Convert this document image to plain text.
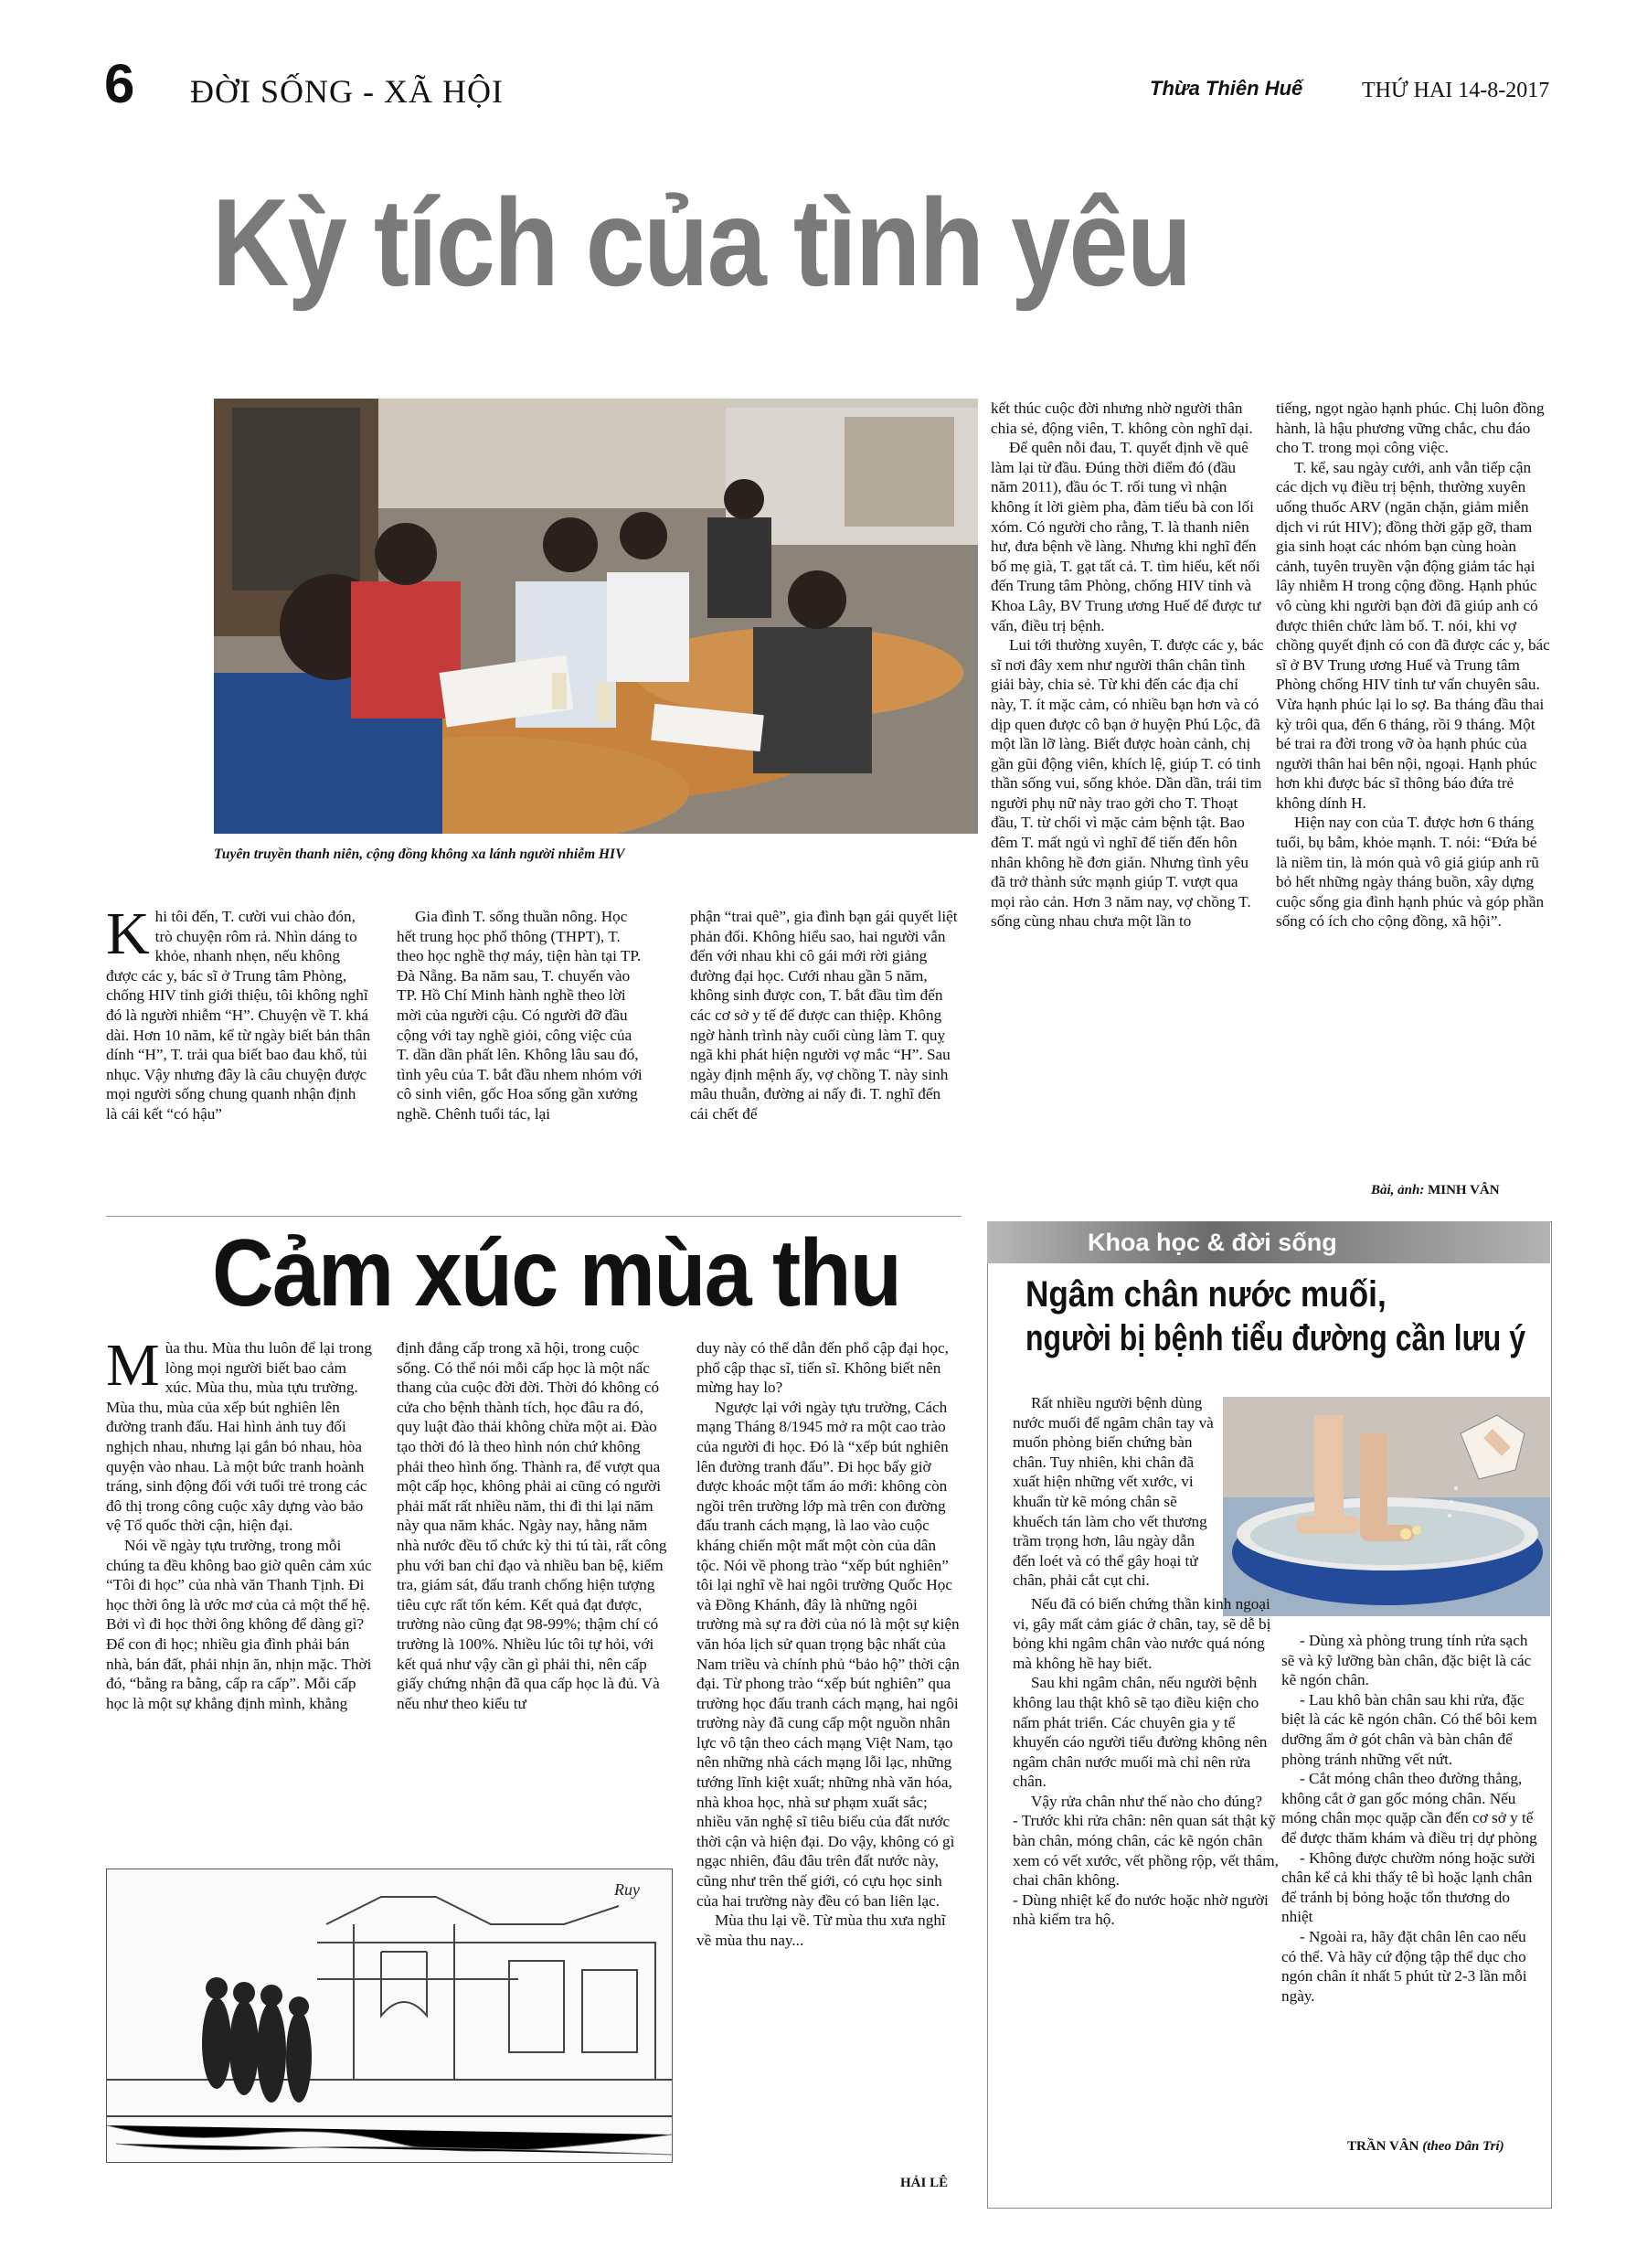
6 ĐỜI SỐNG - XÃ HỘI	Thừa Thiên Huế	THỨ HAI 14-8-2017
Kỳ tích của tình yêu
Tuyên truyền thanh niên, cộng đồng không xa lánh người nhiễm HIV

Khi tôi đến, T. cười vui chào đón, trò chuyện rôm rả. Nhìn dáng to khỏe, nhanh nhẹn, nếu không được các y, bác sĩ ở Trung tâm Phòng, chống HIV tỉnh giới thiệu, tôi không nghĩ đó là người nhiễm “H”. Chuyện về T. khá dài. Hơn 10 năm, kể từ ngày biết bản thân dính “H”, T. trải qua biết bao đau khổ, tủi nhục. Vậy nhưng đây là câu chuyện được mọi người sống chung quanh nhận định là cái kết “có hậu”

Gia đình T. sống thuần nông. Học hết trung học phổ thông (THPT), T. theo học nghề thợ máy, tiện hàn tại TP. Đà Nẵng. Ba năm sau, T. chuyển vào TP. Hồ Chí Minh hành nghề theo lời mời của người cậu. Có người đỡ đầu cộng với tay nghề giỏi, công việc của T. dần dần phất lên. Không lâu sau đó, tình yêu của T. bắt đầu nhem nhóm với cô sinh viên, gốc Hoa sống gần xưởng nghề. Chênh tuổi tác, lại

phận “trai quê”, gia đình bạn gái quyết liệt phản đối. Không hiểu sao, hai người vẫn đến với nhau khi cô gái mới rời giảng đường đại học. Cưới nhau gần 5 năm, không sinh được con, T. bắt đầu tìm đến các cơ sở y tế để được can thiệp. Không ngờ hành trình này cuối cùng làm T. quỵ ngã khi phát hiện người vợ mắc “H”. Sau ngày định mệnh ấy, vợ chồng T. này sinh mâu thuẫn, đường ai nấy đi. T. nghĩ đến cái chết để

kết thúc cuộc đời nhưng nhờ người thân chia sẻ, động viên, T. không còn nghĩ dại.

Để quên nỗi đau, T. quyết định về quê làm lại từ đầu. Đúng thời điểm đó (đầu năm 2011), đầu óc T. rối tung vì nhận không ít lời gièm pha, đàm tiếu bà con lối xóm. Có người cho rằng, T. là thanh niên hư, đưa bệnh về làng. Nhưng khi nghĩ đến bố mẹ già, T. gạt tất cả. T. tìm hiểu, kết nối đến Trung tâm Phòng, chống HIV tỉnh và Khoa Lây, BV Trung ương Huế để được tư vấn, điều trị bệnh.

Lui tới thường xuyên, T. được các y, bác sĩ nơi đây xem như người thân chân tình giải bày, chia sẻ. Từ khi đến các địa chỉ này, T. ít mặc cảm, có nhiều bạn hơn và có dịp quen được cô bạn ở huyện Phú Lộc, đã một lần lỡ làng. Biết được hoàn cảnh, chị gần gũi động viên, khích lệ, giúp T. có tinh thần sống vui, sống khỏe. Dần dần, trái tim người phụ nữ này trao gởi cho T. Thoạt đầu, T. từ chối vì mặc cảm bệnh tật. Bao đêm T. mất ngủ vì nghĩ để tiến đến hôn nhân không hề đơn giản. Nhưng tình yêu đã trở thành sức mạnh giúp T. vượt qua mọi rào cản. Hơn 3 năm nay, vợ chồng T. sống cùng nhau chưa một lần to

tiếng, ngọt ngào hạnh phúc. Chị luôn đồng hành, là hậu phương vững chắc, chu đáo cho T. trong mọi công việc.

T. kể, sau ngày cưới, anh vẫn tiếp cận các dịch vụ điều trị bệnh, thường xuyên uống thuốc ARV (ngăn chặn, giảm miễn dịch vi rút HIV); đồng thời gặp gỡ, tham gia sinh hoạt các nhóm bạn cùng hoàn cảnh, tuyên truyền vận động giảm tác hại lây nhiễm H trong cộng đồng. Hạnh phúc vô cùng khi người bạn đời đã giúp anh có được thiên chức làm bố. T. nói, khi vợ chồng quyết định có con đã được các y, bác sĩ ở BV Trung ương Huế và Trung tâm Phòng chống HIV tỉnh tư vấn chuyên sâu. Vừa hạnh phúc lại lo sợ. Ba tháng đầu thai kỳ trôi qua, đến 6 tháng, rồi 9 tháng. Một bé trai ra đời trong vỡ òa hạnh phúc của người thân hai bên nội, ngoại. Hạnh phúc hơn khi được bác sĩ thông báo đứa trẻ không dính H.

Hiện nay con của T. được hơn 6 tháng tuổi, bụ bẫm, khỏe mạnh. T. nói: “Đứa bé là niềm tin, là món quà vô giá giúp anh rũ bỏ hết những ngày tháng buồn, xây dựng cuộc sống gia đình hạnh phúc và góp phần sống có ích cho cộng đồng, xã hội”.

Bài, ảnh: MINH VÂN
Cảm xúc mùa thu

Mùa thu. Mùa thu luôn để lại trong lòng mọi người biết bao cảm xúc. Mùa thu, mùa tựu trường. Mùa thu, mùa của xếp bút nghiên lên đường tranh đấu. Hai hình ảnh tuy đối nghịch nhau, nhưng lại gắn bó nhau, hòa quyện vào nhau. Là một bức tranh hoành tráng, sinh động đối với tuổi trẻ trong các đô thị trong công cuộc xây dựng vào bảo vệ Tổ quốc thời cận, hiện đại.

Nói về ngày tựu trường, trong mỗi chúng ta đều không bao giờ quên cảm xúc “Tôi đi học” của nhà văn Thanh Tịnh. Đi học thời ông là ước mơ của cả một thế hệ. Bởi vì đi học thời ông không để dàng gì? Để con đi học; nhiều gia đình phải bán nhà, bán đất, phải nhịn ăn, nhịn mặc. Thời đó, “bằng ra bằng, cấp ra cấp”. Mỗi cấp học là một sự khẳng định mình, khẳng

định đẳng cấp trong xã hội, trong cuộc sống. Có thể nói mỗi cấp học là một nấc thang của cuộc đời đời. Thời đó không có cửa cho bệnh thành tích, học đâu ra đó, quy luật đào thải không chừa một ai. Đào tạo thời đó là theo hình nón chứ không phải theo hình ống. Thành ra, để vượt qua một cấp học, không phải ai cũng có người phải mất rất nhiều năm, thi đi thi lại năm này qua năm khác. Ngày nay, hằng năm nhà nước đều tổ chức kỳ thi tú tài, rất công phu với ban chỉ đạo và nhiều ban bệ, kiểm tra, giám sát, đấu tranh chống hiện tượng tiêu cực rất tốn kém. Kết quả đạt được, trường nào cũng đạt 98-99%; thậm chí có trường là 100%. Nhiều lúc tôi tự hỏi, với kết quả như vậy cần gì phải thi, nên cấp giấy chứng nhận đã qua cấp học là đủ. Và nếu như theo kiểu tư

duy này có thể dẫn đến phổ cập đại học, phổ cập thạc sĩ, tiến sĩ. Không biết nên mừng hay lo?

Ngược lại với ngày tựu trường, Cách mạng Tháng 8/1945 mở ra một cao trào của người đi học. Đó là “xếp bút nghiên lên đường tranh đấu”. Đi học bấy giờ được khoác một tấm áo mới: không còn ngồi trên trường lớp mà trên con đường đấu tranh cách mạng, là lao vào cuộc kháng chiến một mất một còn của dân tộc. Nói về phong trào “xếp bút nghiên” tôi lại nghĩ về hai ngôi trường Quốc Học và Đồng Khánh, đây là những ngôi trường mà sự ra đời của nó là một sự kiện văn hóa lịch sử quan trọng bậc nhất của Nam triều và chính phủ “bảo hộ” thời cận đại. Từ phong trào “xếp bút nghiên” qua trường học đấu tranh cách mạng, hai ngôi trường này đã cung cấp một nguồn nhân lực vô tận theo cách mạng Việt Nam, tạo nên những nhà cách mạng lỗi lạc, những tướng lĩnh kiệt xuất; những nhà văn hóa, nhà khoa học, nhà sư phạm xuất sắc; nhiều văn nghệ sĩ tiêu biểu của đất nước thời cận và hiện đại. Do vậy, không có gì ngạc nhiên, đâu đâu trên đất nước này, cũng như trên thế giới, có cựu học sinh của hai trường này đều có ban liên lạc.

Mùa thu lại về. Từ mùa thu xưa nghĩ về mùa thu nay...

HẢI LÊ
Ruy
Khoa học & đời sống
Ngâm chân nước muối,
người bị bệnh tiểu đường cần lưu ý

Rất nhiều người bệnh dùng nước muối để ngâm chân tay và muốn phòng biến chứng bàn chân. Tuy nhiên, khi chân đã xuất hiện những vết xước, vi khuẩn từ kẽ móng chân sẽ khuếch tán làm cho vết thương trầm trọng hơn, lâu ngày dẫn đến loét và có thể gây hoại tử chân, phải cắt cụt chi.

Nếu đã có biến chứng thần kinh ngoại vi, gây mất cảm giác ở chân, tay, sẽ dễ bị bỏng khi ngâm chân vào nước quá nóng mà không hề hay biết.

Sau khi ngâm chân, nếu người bệnh không lau thật khô sẽ tạo điều kiện cho nấm phát triển. Các chuyên gia y tế khuyến cáo người tiểu đường không nên ngâm chân nước muối mà chỉ nên rửa chân.

Vậy rửa chân như thế nào cho đúng?

- Trước khi rửa chân: nên quan sát thật kỹ bàn chân, móng chân, các kẽ ngón chân xem có vết xước, vết phồng rộp, vết thâm, chai chân không.

- Dùng nhiệt kế đo nước hoặc nhờ người nhà kiểm tra hộ.

- Dùng xà phòng trung tính rửa sạch sẽ và kỹ lưỡng bàn chân, đặc biệt là các kẽ ngón chân.

- Lau khô bàn chân sau khi rửa, đặc biệt là các kẽ ngón chân. Có thể bôi kem dưỡng ẩm ở gót chân và bàn chân để phòng tránh những vết nứt.

- Cắt móng chân theo đường thẳng, không cắt ở gan gốc móng chân. Nếu móng chân mọc quặp cần đến cơ sở y tế để được thăm khám và điều trị dự phòng

- Không được chườm nóng hoặc sưởi chân kể cả khi thấy tê bì hoặc lạnh chân để tránh bị bỏng hoặc tổn thương do nhiệt

- Ngoài ra, hãy đặt chân lên cao nếu có thể. Và hãy cứ động tập thể dục cho ngón chân ít nhất 5 phút từ 2-3 lần mỗi ngày.

TRẦN VÂN (theo Dân Trí)
